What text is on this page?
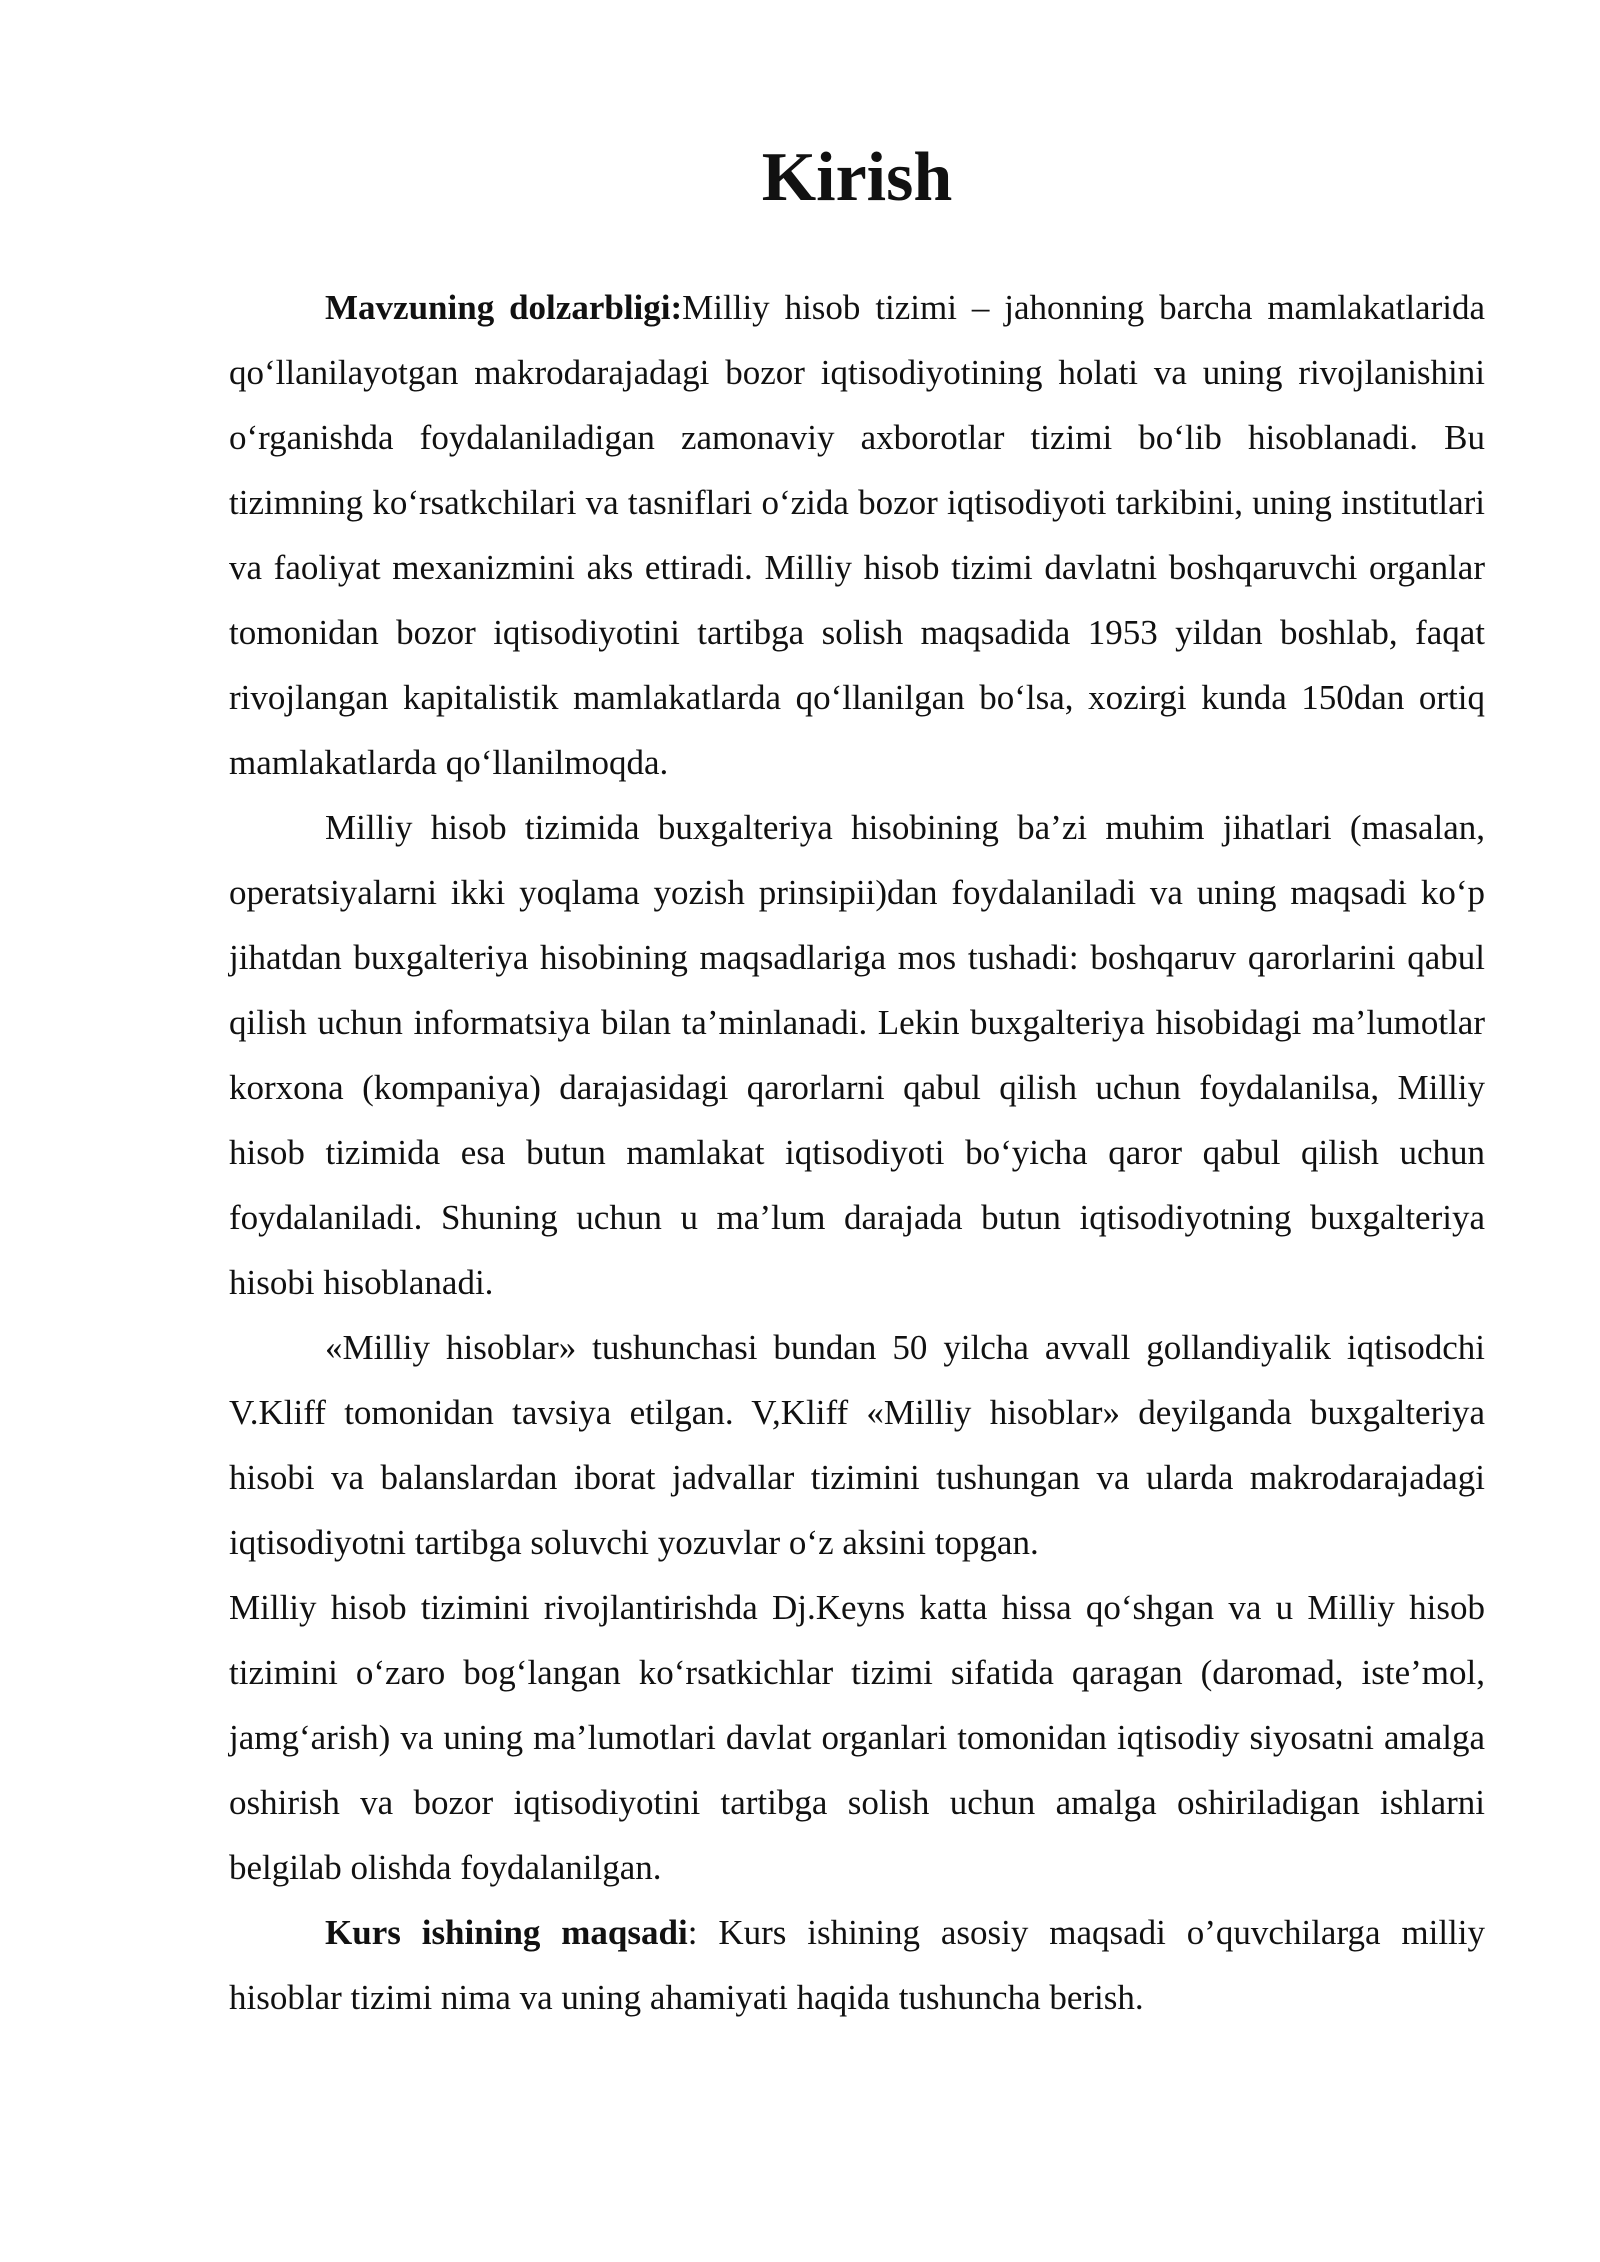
Kirish

Mavzuning dolzarbligi:Milliy hisob tizimi – jahonning barcha mamlakatlarida qo‘llanilayotgan makrodarajadagi bozor iqtisodiyotining holati va uning rivojlanishini o‘rganishda foydalaniladigan zamonaviy axborotlar tizimi bo‘lib hisoblanadi. Bu tizimning ko‘rsatkchilari va tasniflari o‘zida bozor iqtisodiyoti tarkibini, uning institutlari va faoliyat mexanizmini aks ettiradi. Milliy hisob tizimi davlatni boshqaruvchi organlar tomonidan bozor iqtisodiyotini tartibga solish maqsadida 1953 yildan boshlab, faqat rivojlangan kapitalistik mamlakatlarda qo‘llanilgan bo‘lsa, xozirgi kunda 150dan ortiq mamlakatlarda qo‘llanilmoqda.

Milliy hisob tizimida buxgalteriya hisobining ba’zi muhim jihatlari (masalan, operatsiyalarni ikki yoqlama yozish prinsipii)dan foydalaniladi va uning maqsadi ko‘p jihatdan buxgalteriya hisobining maqsadlariga mos tushadi: boshqaruv qarorlarini qabul qilish uchun informatsiya bilan ta’minlanadi. Lekin buxgalteriya hisobidagi ma’lumotlar korxona (kompaniya) darajasidagi qarorlarni qabul qilish uchun foydalanilsa, Milliy hisob tizimida esa butun mamlakat iqtisodiyoti bo‘yicha qaror qabul qilish uchun foydalaniladi. Shuning uchun u ma’lum darajada butun iqtisodiyotning buxgalteriya hisobi hisoblanadi.

«Milliy hisoblar» tushunchasi bundan 50 yilcha avvall gollandiyalik iqtisodchi V.Kliff tomonidan tavsiya etilgan. V,Kliff «Milliy hisoblar» deyilganda buxgalteriya hisobi va balanslardan iborat jadvallar tizimini tushungan va ularda makrodarajadagi iqtisodiyotni tartibga soluvchi yozuvlar o‘z aksini topgan.

Milliy hisob tizimini rivojlantirishda Dj.Keyns katta hissa qo‘shgan va u Milliy hisob tizimini o‘zaro bog‘langan ko‘rsatkichlar tizimi sifatida qaragan (daromad, iste’mol, jamg‘arish) va uning ma’lumotlari davlat organlari tomonidan iqtisodiy siyosatni amalga oshirish va bozor iqtisodiyotini tartibga solish uchun amalga oshiriladigan ishlarni belgilab olishda foydalanilgan.

Kurs ishining maqsadi: Kurs ishining asosiy maqsadi o’quvchilarga milliy hisoblar tizimi nima va uning ahamiyati haqida tushuncha berish.
